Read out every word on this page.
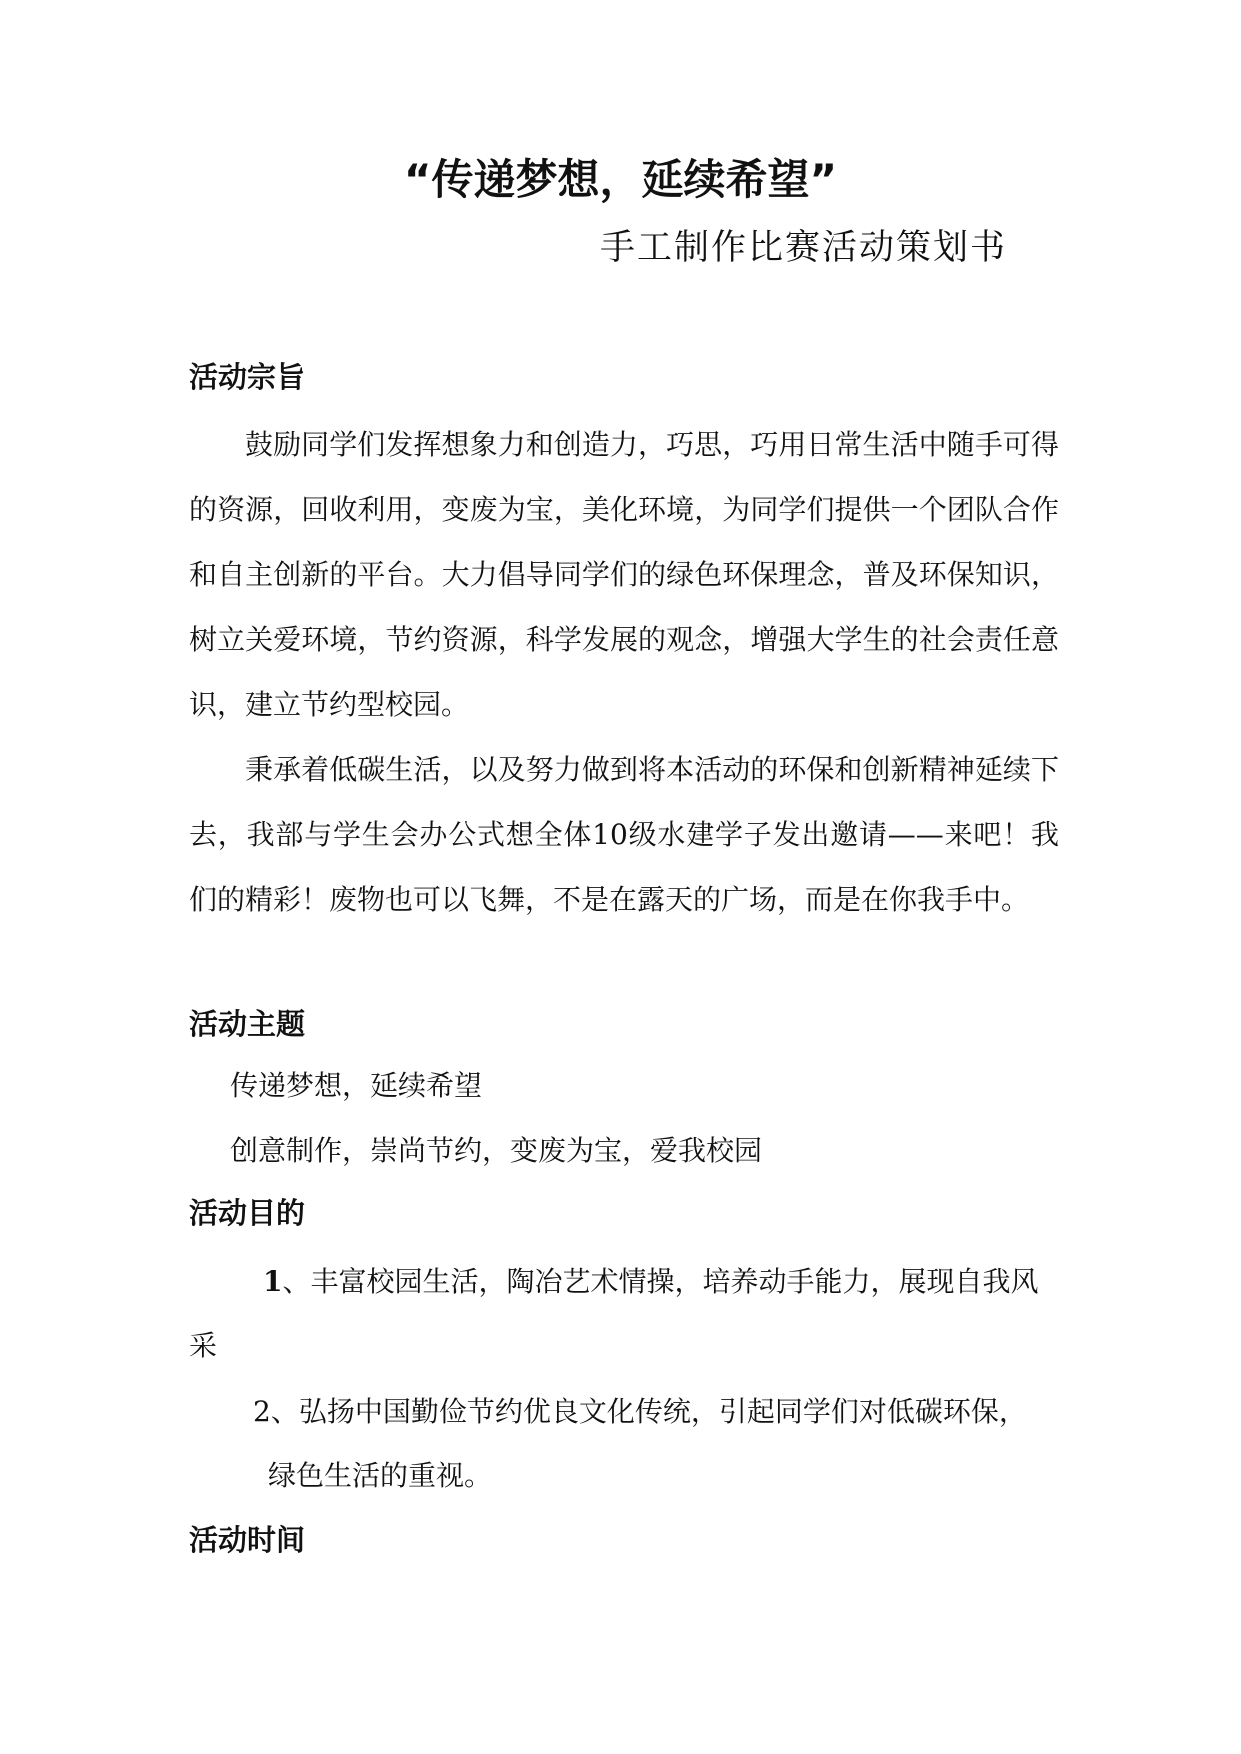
“传递梦想，延续希望”
手工制作比赛活动策划书
活动宗旨

鼓励同学们发挥想象力和创造力，巧思，巧用日常生活中随手可得的资源，回收利用，变废为宝，美化环境，为同学们提供一个团队合作和自主创新的平台。大力倡导同学们的绿色环保理念，普及环保知识，树立关爱环境，节约资源，科学发展的观念，增强大学生的社会责任意识，建立节约型校园。

秉承着低碳生活，以及努力做到将本活动的环保和创新精神延续下去，我部与学生会办公式想全体10级水建学子发出邀请——来吧！我们的精彩！废物也可以飞舞，不是在露天的广场，而是在你我手中。

活动主题
传递梦想，延续希望
创意制作，崇尚节约，变废为宝，爱我校园
活动目的
1、丰富校园生活，陶冶艺术情操，培养动手能力，展现自我风
采
2、弘扬中国勤俭节约优良文化传统，引起同学们对低碳环保，
绿色生活的重视。
活动时间
